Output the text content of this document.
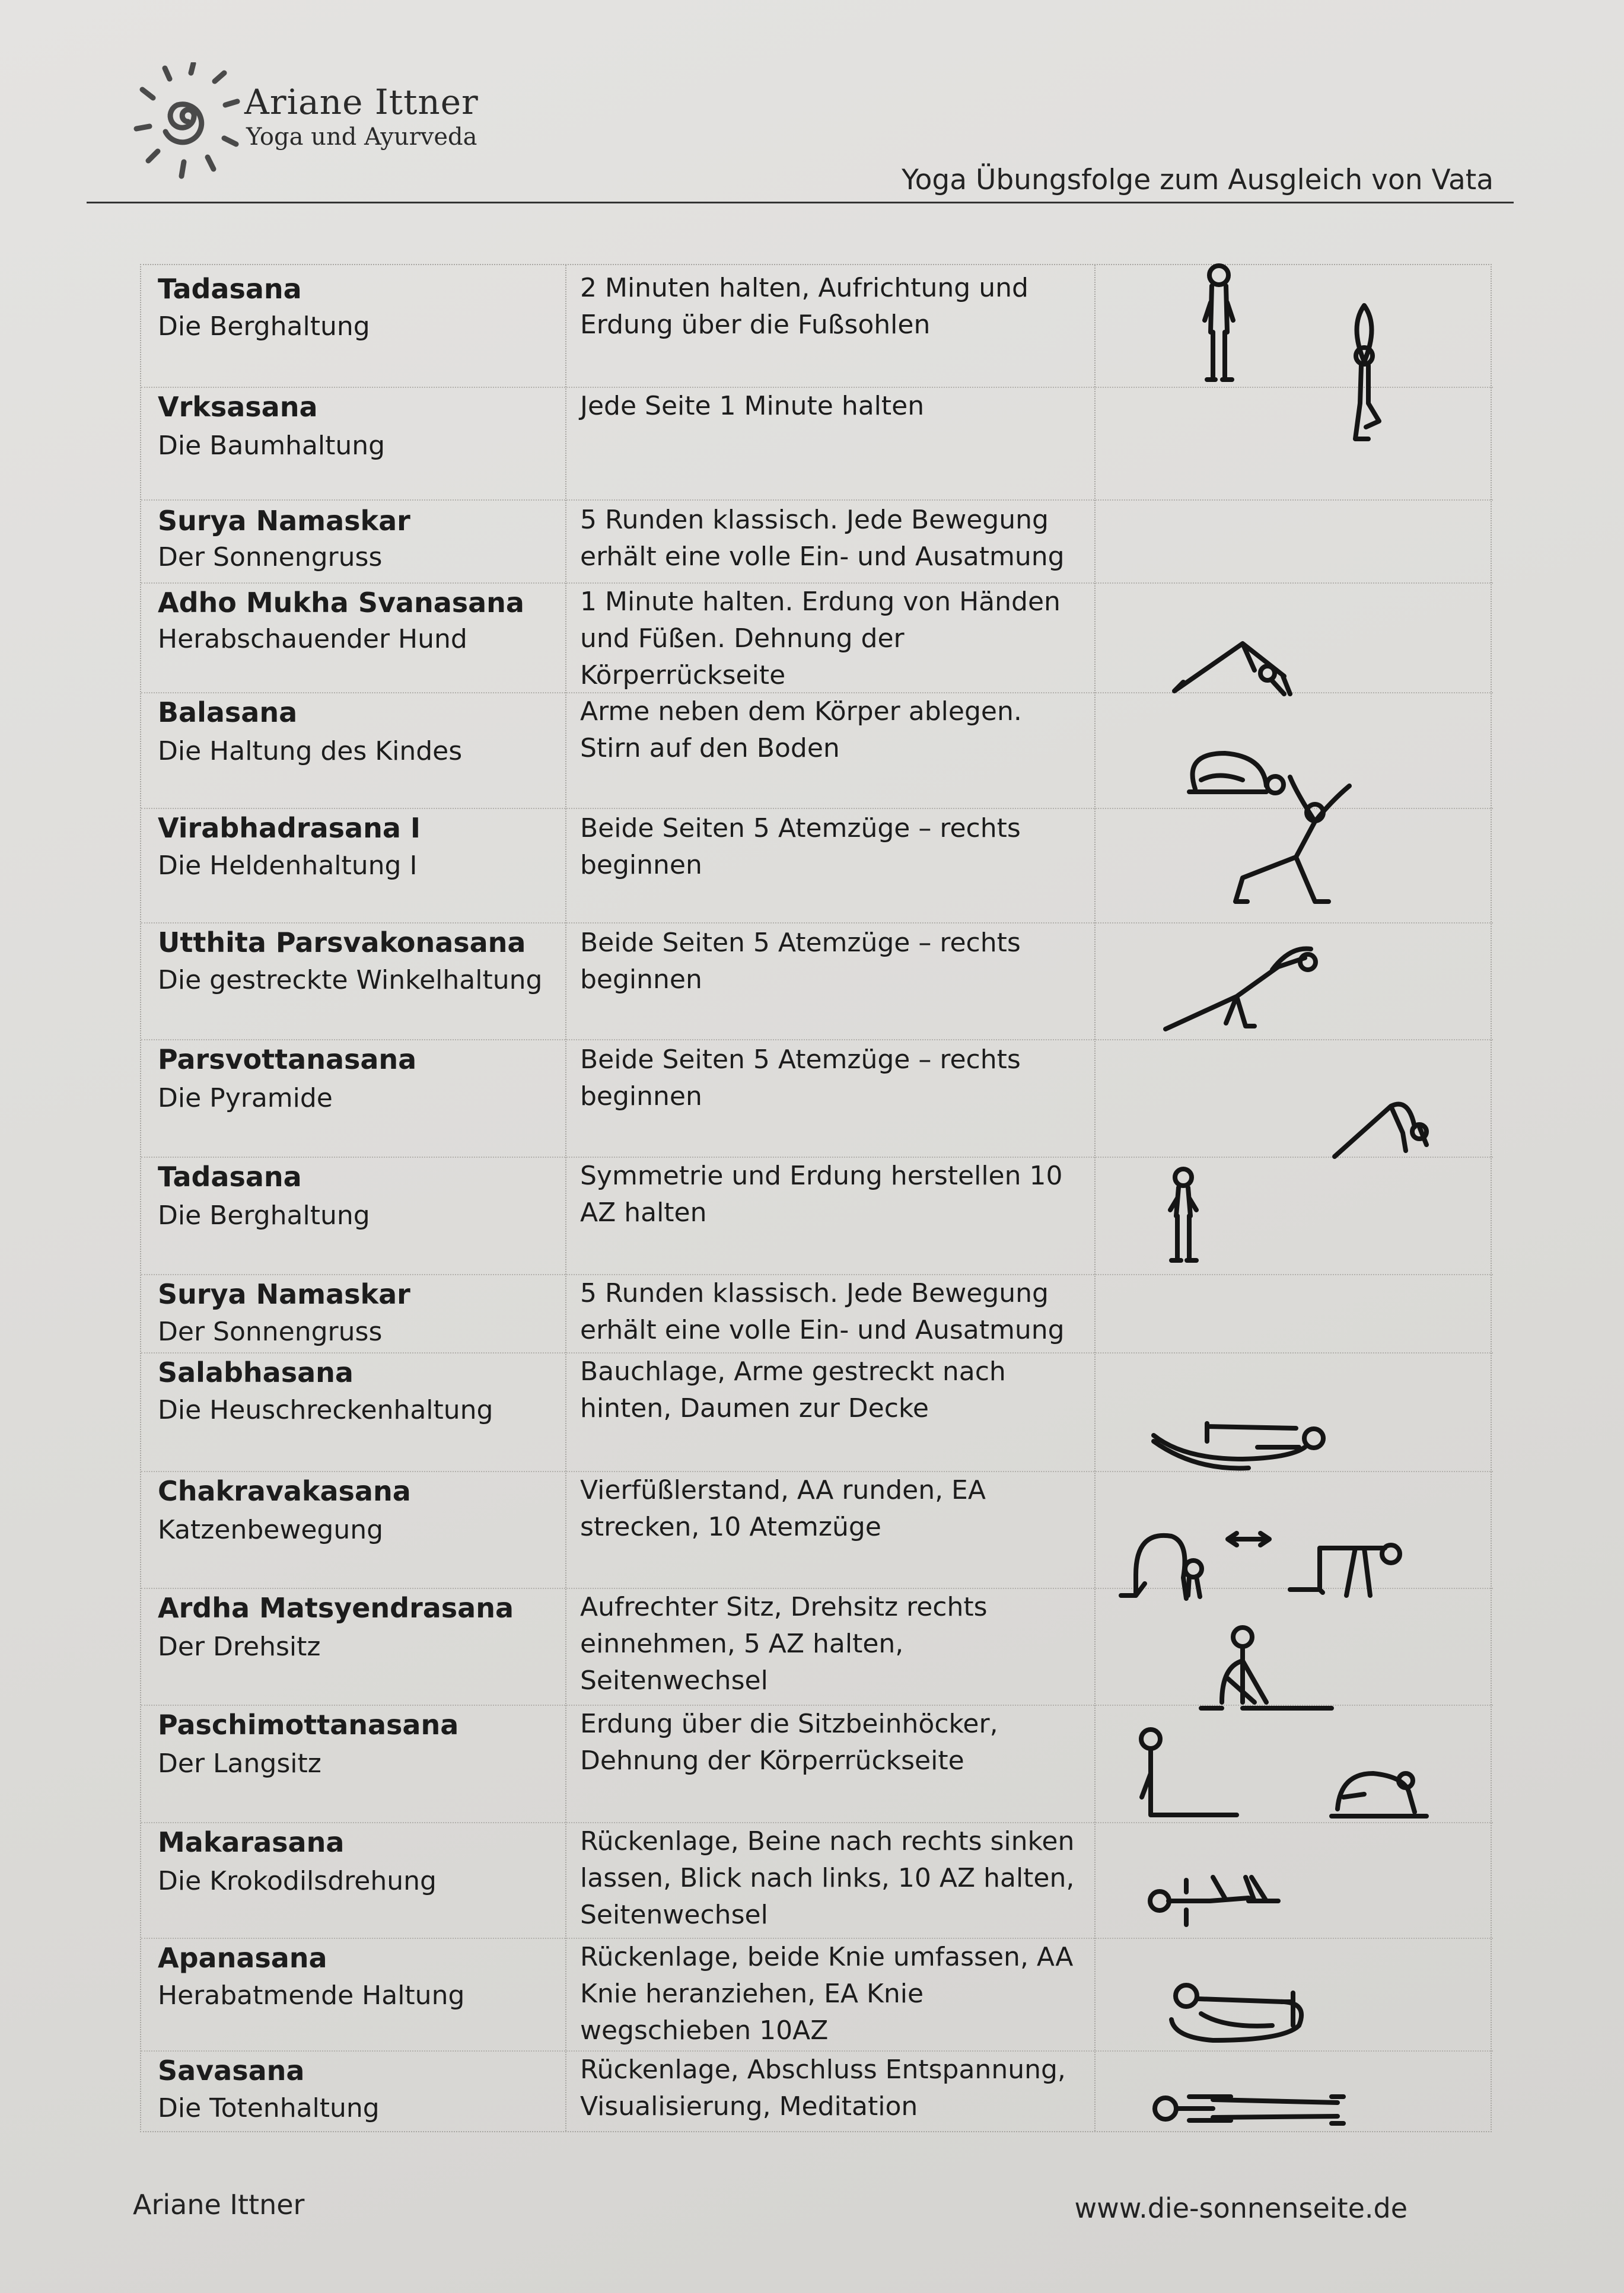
Ariane Ittner
Yoga und Ayurveda
Yoga Übungsfolge zum Ausgleich von Vata
Tadasana
Die Berghaltung
2 Minuten halten, Aufrichtung und Erdung über die Fußsohlen
Vrksasana
Die Baumhaltung
Jede Seite 1 Minute halten
Surya Namaskar
Der Sonnengruss
5 Runden klassisch. Jede Bewegung erhält eine volle Ein- und Ausatmung
Adho Mukha Svanasana
Herabschauender Hund
1 Minute halten. Erdung von Händen und Füßen. Dehnung der Körperrückseite
Balasana
Die Haltung des Kindes
Arme neben dem Körper ablegen. Stirn auf den Boden
Virabhadrasana I
Die Heldenhaltung I
Beide Seiten 5 Atemzüge – rechts beginnen
Utthita Parsvakonasana
Die gestreckte Winkelhaltung
Beide Seiten 5 Atemzüge – rechts beginnen
Parsvottanasana
Die Pyramide
Beide Seiten 5 Atemzüge – rechts beginnen
Tadasana
Die Berghaltung
Symmetrie und Erdung herstellen 10 AZ halten
Surya Namaskar
Der Sonnengruss
5 Runden klassisch. Jede Bewegung erhält eine volle Ein- und Ausatmung
Salabhasana
Die Heuschreckenhaltung
Bauchlage, Arme gestreckt nach hinten, Daumen zur Decke
Chakravakasana
Katzenbewegung
Vierfüßlerstand, AA runden, EA strecken, 10 Atemzüge
Ardha Matsyendrasana
Der Drehsitz
Aufrechter Sitz, Drehsitz rechts einnehmen, 5 AZ halten, Seitenwechsel
Paschimottanasana
Der Langsitz
Erdung über die Sitzbeinhöcker, Dehnung der Körperrückseite
Makarasana
Die Krokodilsdrehung
Rückenlage, Beine nach rechts sinken lassen, Blick nach links, 10 AZ halten, Seitenwechsel
Apanasana
Herabatmende Haltung
Rückenlage, beide Knie umfassen, AA Knie heranziehen, EA Knie wegschieben 10AZ
Savasana
Die Totenhaltung
Rückenlage, Abschluss Entspannung, Visualisierung, Meditation
Ariane Ittner	www.die-sonnenseite.de
